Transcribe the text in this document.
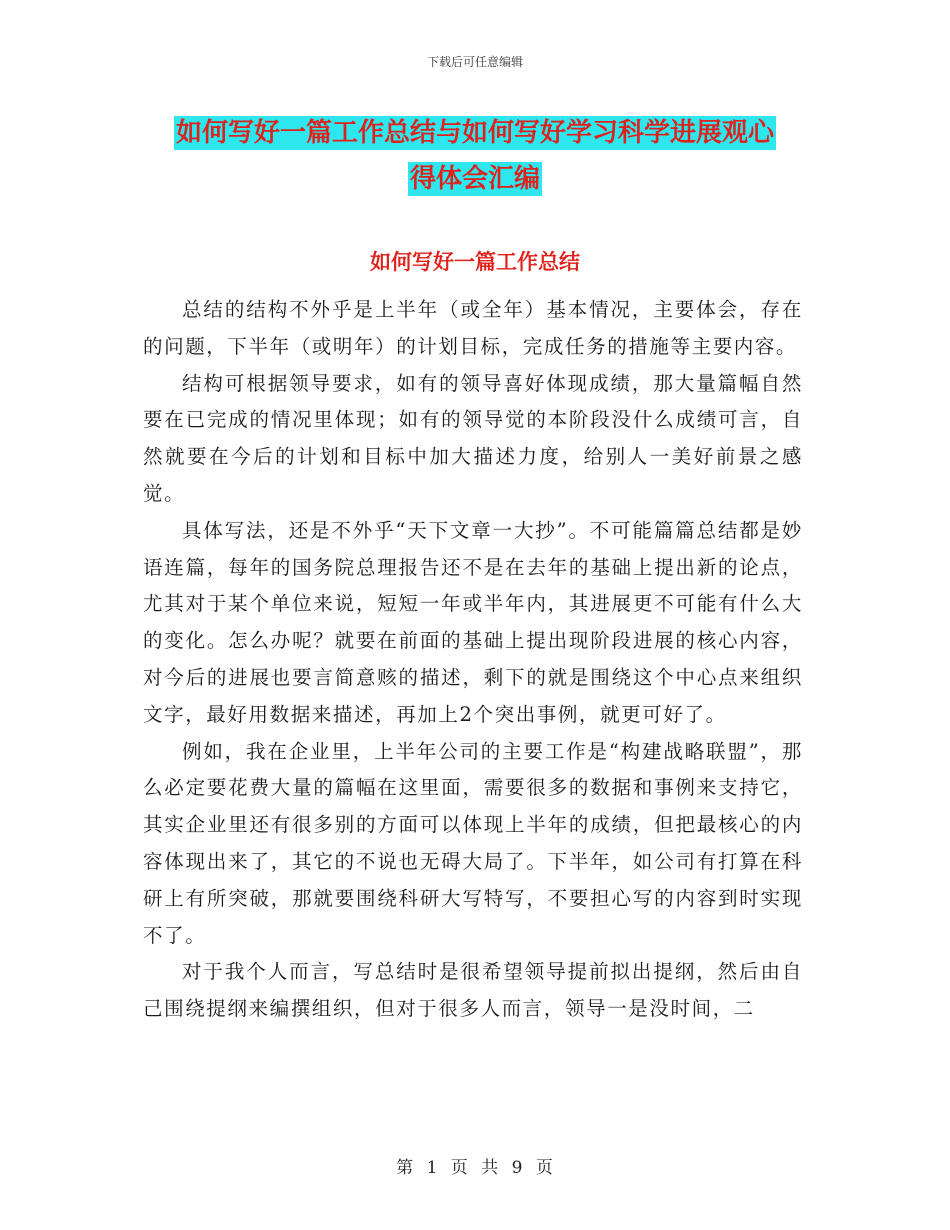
下载后可任意编辑
如何写好一篇工作总结与如何写好学习科学进展观心
得体会汇编
如何写好一篇工作总结

总结的结构不外乎是上半年（或全年）基本情况，主要体会，存在的问题，下半年（或明年）的计划目标，完成任务的措施等主要内容。

结构可根据领导要求，如有的领导喜好体现成绩，那大量篇幅自然要在已完成的情况里体现；如有的领导觉的本阶段没什么成绩可言，自然就要在今后的计划和目标中加大描述力度，给别人一美好前景之感觉。

具体写法，还是不外乎“天下文章一大抄”。不可能篇篇总结都是妙语连篇，每年的国务院总理报告还不是在去年的基础上提出新的论点，尤其对于某个单位来说，短短一年或半年内，其进展更不可能有什么大的变化。怎么办呢？就要在前面的基础上提出现阶段进展的核心内容，对今后的进展也要言简意赅的描述，剩下的就是围绕这个中心点来组织文字，最好用数据来描述，再加上2个突出事例，就更可好了。

例如，我在企业里，上半年公司的主要工作是“构建战略联盟”，那么必定要花费大量的篇幅在这里面，需要很多的数据和事例来支持它，其实企业里还有很多别的方面可以体现上半年的成绩，但把最核心的内容体现出来了，其它的不说也无碍大局了。下半年，如公司有打算在科研上有所突破，那就要围绕科研大写特写，不要担心写的内容到时实现不了。

对于我个人而言，写总结时是很希望领导提前拟出提纲，然后由自己围绕提纲来编撰组织，但对于很多人而言，领导一是没时间，二

第 1 页 共 9 页
